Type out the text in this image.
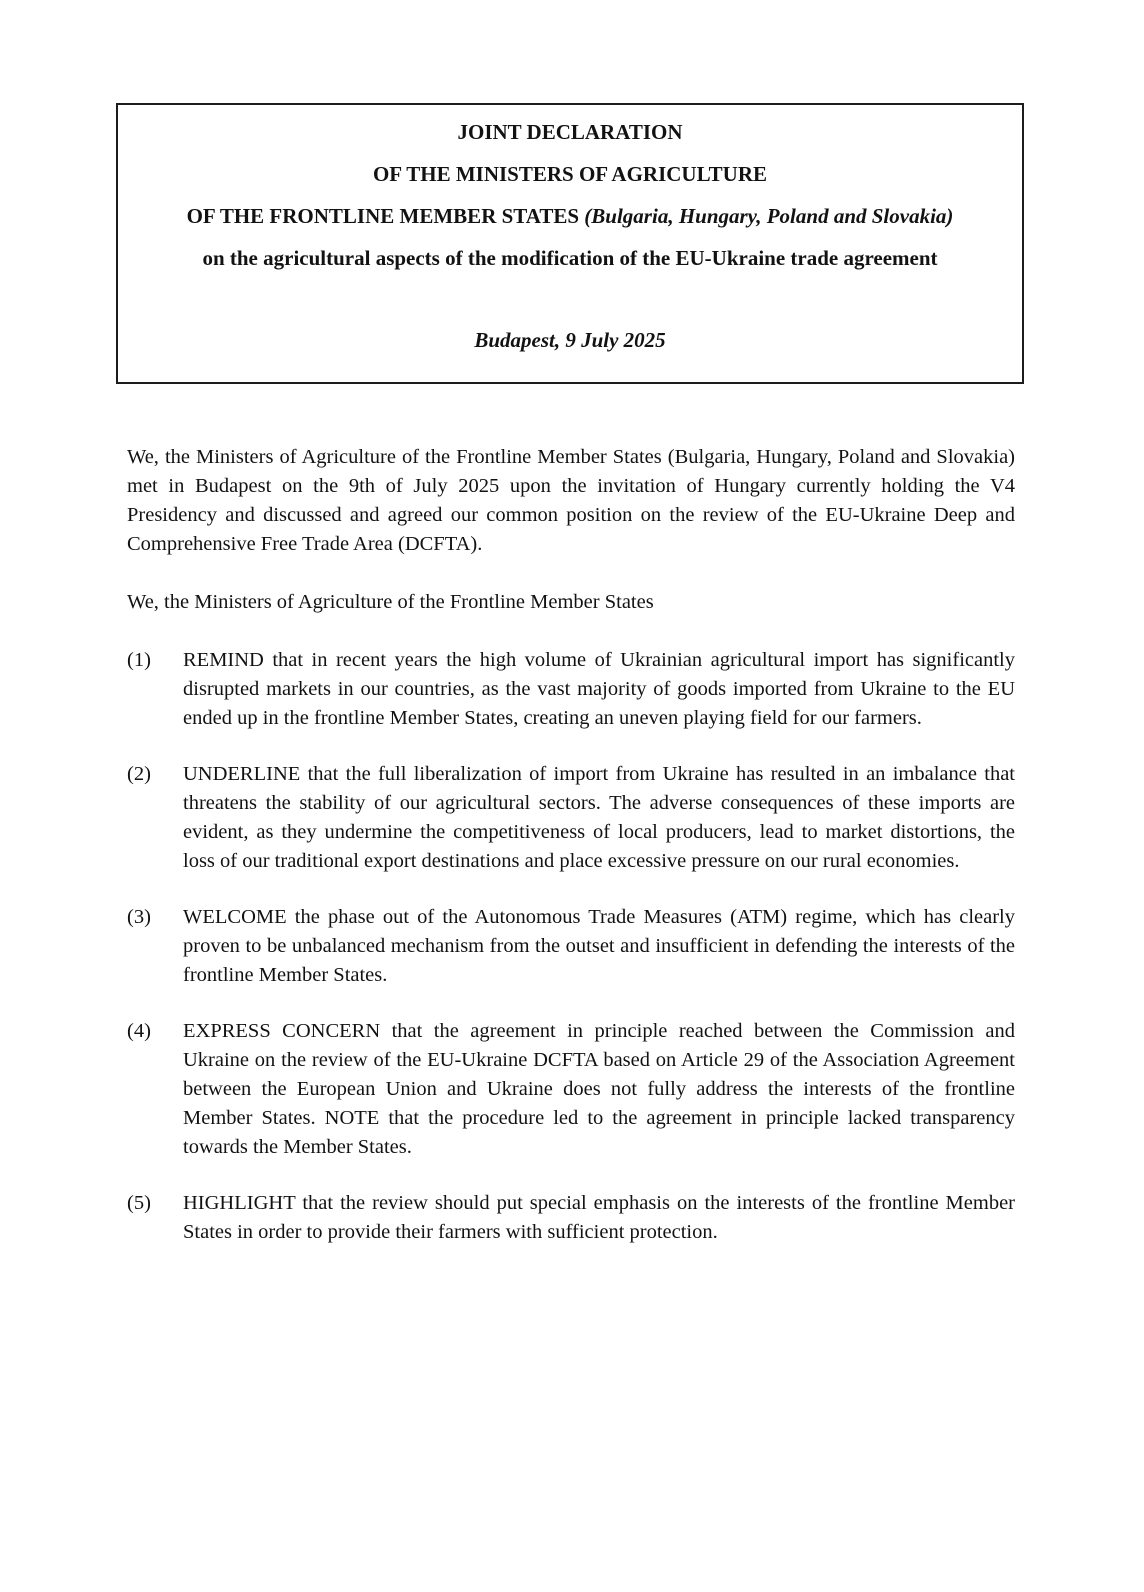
JOINT DECLARATION
OF THE MINISTERS OF AGRICULTURE
OF THE FRONTLINE MEMBER STATES (Bulgaria, Hungary, Poland and Slovakia)
on the agricultural aspects of the modification of the EU-Ukraine trade agreement
Budapest, 9 July 2025

We, the Ministers of Agriculture of the Frontline Member States (Bulgaria, Hungary, Poland and Slovakia) met in Budapest on the 9th of July 2025 upon the invitation of Hungary currently holding the V4 Presidency and discussed and agreed our common position on the review of the EU-Ukraine Deep and Comprehensive Free Trade Area (DCFTA).

We, the Ministers of Agriculture of the Frontline Member States

(1) REMIND that in recent years the high volume of Ukrainian agricultural import has significantly disrupted markets in our countries, as the vast majority of goods imported from Ukraine to the EU ended up in the frontline Member States, creating an uneven playing field for our farmers.
(2) UNDERLINE that the full liberalization of import from Ukraine has resulted in an imbalance that threatens the stability of our agricultural sectors. The adverse consequences of these imports are evident, as they undermine the competitiveness of local producers, lead to market distortions, the loss of our traditional export destinations and place excessive pressure on our rural economies.
(3) WELCOME the phase out of the Autonomous Trade Measures (ATM) regime, which has clearly proven to be unbalanced mechanism from the outset and insufficient in defending the interests of the frontline Member States.
(4) EXPRESS CONCERN that the agreement in principle reached between the Commission and Ukraine on the review of the EU-Ukraine DCFTA based on Article 29 of the Association Agreement between the European Union and Ukraine does not fully address the interests of the frontline Member States. NOTE that the procedure led to the agreement in principle lacked transparency towards the Member States.
(5) HIGHLIGHT that the review should put special emphasis on the interests of the frontline Member States in order to provide their farmers with sufficient protection.
